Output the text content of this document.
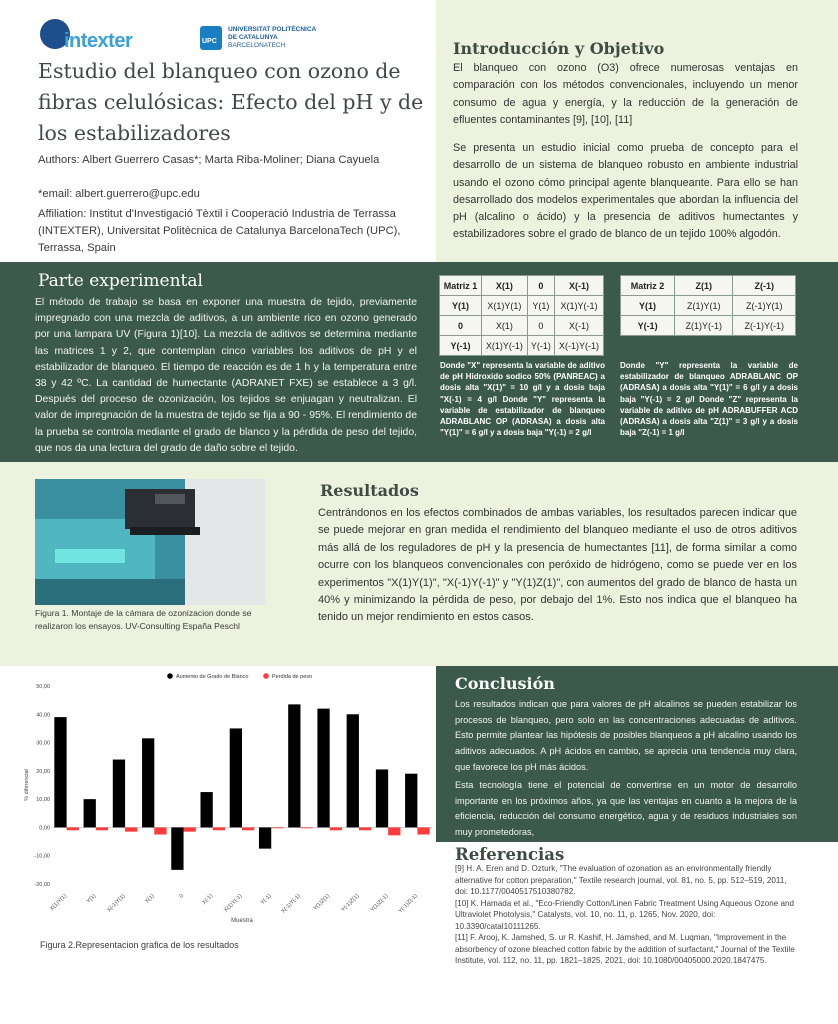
intexter	UPC
UNIVERSITAT POLITÈCNICA
DE CATALUNYA
BARCELONATECH
Estudio del blanqueo con ozono de fibras celulósicas: Efecto del pH y de los estabilizadores
Authors: Albert Guerrero Casas*; Marta Riba-Moliner; Diana Cayuela
*email: albert.guerrero@upc.edu
Affiliation: Institut d'Investigació Tèxtil i Cooperació Industria de Terrassa (INTEXTER), Universitat Politècnica de Catalunya BarcelonaTech (UPC), Terrassa, Spain
Introducción y Objetivo
El blanqueo con ozono (O3) ofrece numerosas ventajas en comparación con los métodos convencionales, incluyendo un menor consumo de agua y energía, y la reducción de la generación de efluentes contaminantes [9], [10], [11]
Se presenta un estudio inicial como prueba de concepto para el desarrollo de un sistema de blanqueo robusto en ambiente industrial usando el ozono cómo principal agente blanqueante. Para ello se han desarrollado dos modelos experimentales que abordan la influencia del pH (alcalino o ácido) y la presencia de aditivos humectantes y estabilizadores sobre el grado de blanco de un tejido 100% algodón.
Parte experimental
El método de trabajo se basa en exponer una muestra de tejido, previamente impregnado con una mezcla de aditivos, a un ambiente rico en ozono generado por una lampara UV (Figura 1)[10]. La mezcla de aditivos se determina mediante las matrices 1 y 2, que contemplan cinco variables los aditivos de pH y el estabilizador de blanqueo. El tiempo de reacción es de 1 h y la temperatura entre 38 y 42 ºC. La cantidad de humectante (ADRANET FXE) se establece a 3 g/l. Después del proceso de ozonización, los tejidos se enjuagan y neutralizan. El valor de impregnación de la muestra de tejido se fija a 90 - 95%. El rendimiento de la prueba se controla mediante el grado de blanco y la pérdida de peso del tejido, que nos da una lectura del grado de daño sobre el tejido.
Matriz 1	X(1)	0	X(-1)
Y(1)	X(1)Y(1)	Y(1)	X(1)Y(-1)
0	X(1)	0	X(-1)
Y(-1)	X(1)Y(-1)	Y(-1)	X(-1)Y(-1)
Matriz 2	Z(1)	Z(-1)
Y(1)	Z(1)Y(1)	Z(-1)Y(1)
Y(-1)	Z(1)Y(-1)	Z(-1)Y(-1)
Donde "X" representa la variable de aditivo de pH Hidroxido sodico 50% (PANREAC) a dosis alta "X(1)" = 10 g/l y a dosis baja "X(-1) = 4 g/l Donde "Y" representa la variable de estabilizador de blanqueo ADRABLANC OP (ADRASA) a dosis alta "Y(1)" = 6 g/l y a dosis baja "Y(-1) = 2 g/l
Donde "Y" representa la variable de estabilizador de blanqueo ADRABLANC OP (ADRASA) a dosis alta "Y(1)" = 6 g/l y a dosis baja "Y(-1) = 2 g/l Donde "Z" representa la variable de aditivo de pH ADRABUFFER ACD (ADRASA) a dosis alta "Z(1)" = 3 g/l y a dosis baja "Z(-1) = 1 g/l
Figura 1. Montaje de la cámara de ozonizacion donde se realizaron los ensayos. UV-Consulting España Peschl
Resultados
Centrándonos en los efectos combinados de ambas variables, los resultados parecen indicar que se puede mejorar en gran medida el rendimiento del blanqueo mediante el uso de otros aditivos más allá de los reguladores de pH y la presencia de humectantes [11], de forma similar a como ocurre con los blanqueos convencionales con peróxido de hidrógeno, como se puede ver en los experimentos "X(1)Y(1)", "X(-1)Y(-1)" y "Y(1)Z(1)", con aumentos del grado de blanco de hasta un 40% y minimizando la pérdida de peso, por debajo del 1%. Esto nos indica que el blanqueo ha tenido un mejor rendimiento en estos casos.
-20,00
-10,00
0,00
10,00
20,00
30,00
40,00
50,00
X(1)Y(1)	Y(1) X(-1)Y(1)	X(1)	0	X(-1) X(1)Y(-1)	Y(-1) X(-1)Y(-1) Y(1)Z(1) Y(-1)Z(1) Y(1)Z(-1) Y(-1)Z(-1)
% diferencial
Muestra
Aumento de Grado de Blanco	Perdida de peso
Figura 2.Representacion grafica de los resultados
Conclusión
Los resultados indican que para valores de pH alcalinos se pueden estabilizar los procesos de blanqueo, pero solo en las concentraciones adecuadas de aditivos. Esto permite plantear las hipótesis de posibles blanqueos a pH alcalino usando los aditivos adecuados. A pH ácidos en cambio, se aprecia una tendencia muy clara, que favorece los pH más ácidos.
Esta tecnología tiene el potencial de convertirse en un motor de desarrollo importante en los próximos años, ya que las ventajas en cuanto a la mejora de la eficiencia, reducción del consumo energético, agua y de residuos industriales son muy prometedoras,
Referencias

[9] H. A. Eren and D. Ozturk, "The evaluation of ozonation as an environmentally friendly alternative for cotton preparation," Textile research journal, vol. 81, no. 5, pp. 512–519, 2011, doi: 10.1177/0040517510380782.

[10] K. Hamada et al., "Eco-Friendly Cotton/Linen Fabric Treatment Using Aqueous Ozone and Ultraviolet Photolysis," Catalysts, vol. 10, no. 11, p. 1265, Nov. 2020, doi: 10.3390/catal10111265.

[11] F. Arooj, K. Jamshed, S. ur R. Kashif, H. Jamshed, and M. Luqman, "Improvement in the absorbency of ozone bleached cotton fabric by the addition of surfactant," Journal of the Textile Institute, vol. 112, no. 11, pp. 1821–1825, 2021, doi: 10.1080/00405000.2020.1847475.
